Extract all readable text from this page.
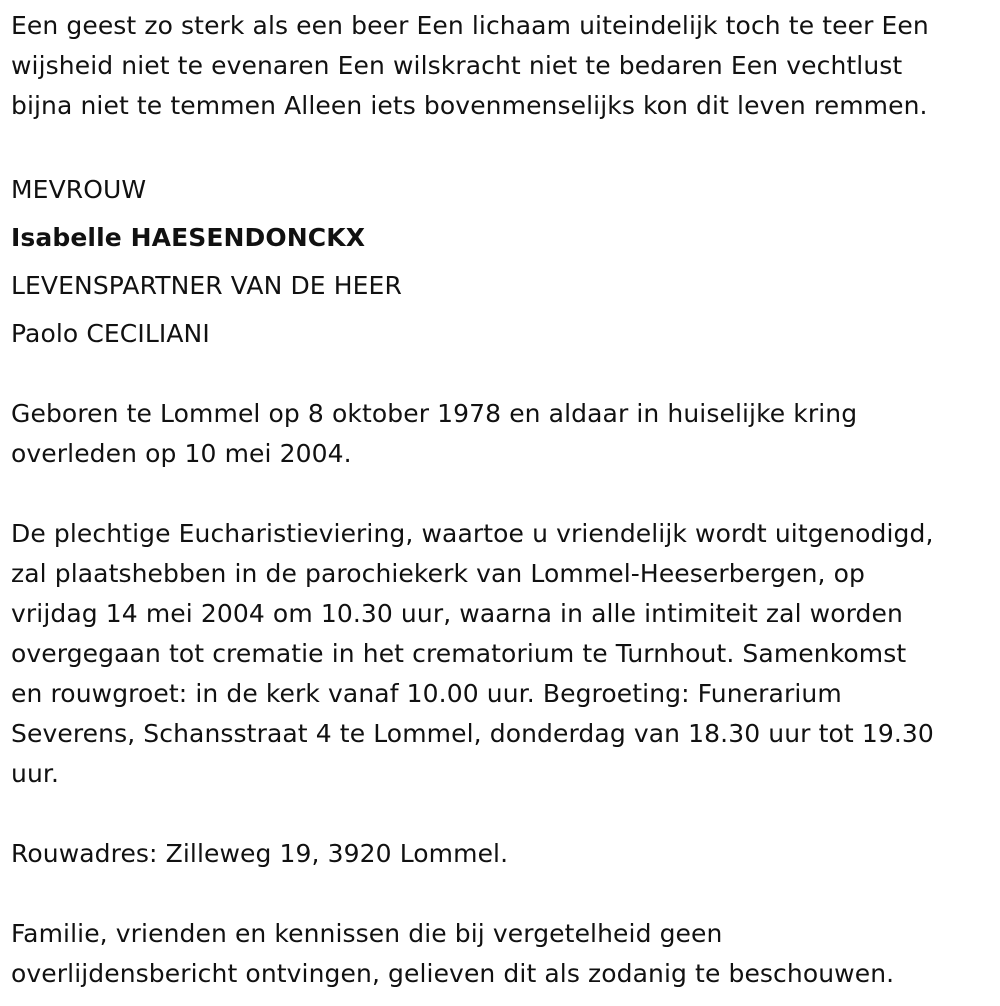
Een geest zo sterk als een beer Een lichaam uiteindelijk toch te teer Een
wijsheid niet te evenaren Een wilskracht niet te bedaren Een vechtlust
bijna niet te temmen Alleen iets bovenmenselijks kon dit leven remmen.

MEVROUW
Isabelle HAESENDONCKX
LEVENSPARTNER VAN DE HEER
Paolo CECILIANI

Geboren te Lommel op 8 oktober 1978 en aldaar in huiselijke kring
overleden op 10 mei 2004.

De plechtige Eucharistieviering, waartoe u vriendelijk wordt uitgenodigd,
zal plaatshebben in de parochiekerk van Lommel-Heeserbergen, op
vrijdag 14 mei 2004 om 10.30 uur, waarna in alle intimiteit zal worden
overgegaan tot crematie in het crematorium te Turnhout. Samenkomst
en rouwgroet: in de kerk vanaf 10.00 uur. Begroeting: Funerarium
Severens, Schansstraat 4 te Lommel, donderdag van 18.30 uur tot 19.30
uur.

Rouwadres: Zilleweg 19, 3920 Lommel.

Familie, vrienden en kennissen die bij vergetelheid geen
overlijdensbericht ontvingen, gelieven dit als zodanig te beschouwen.
